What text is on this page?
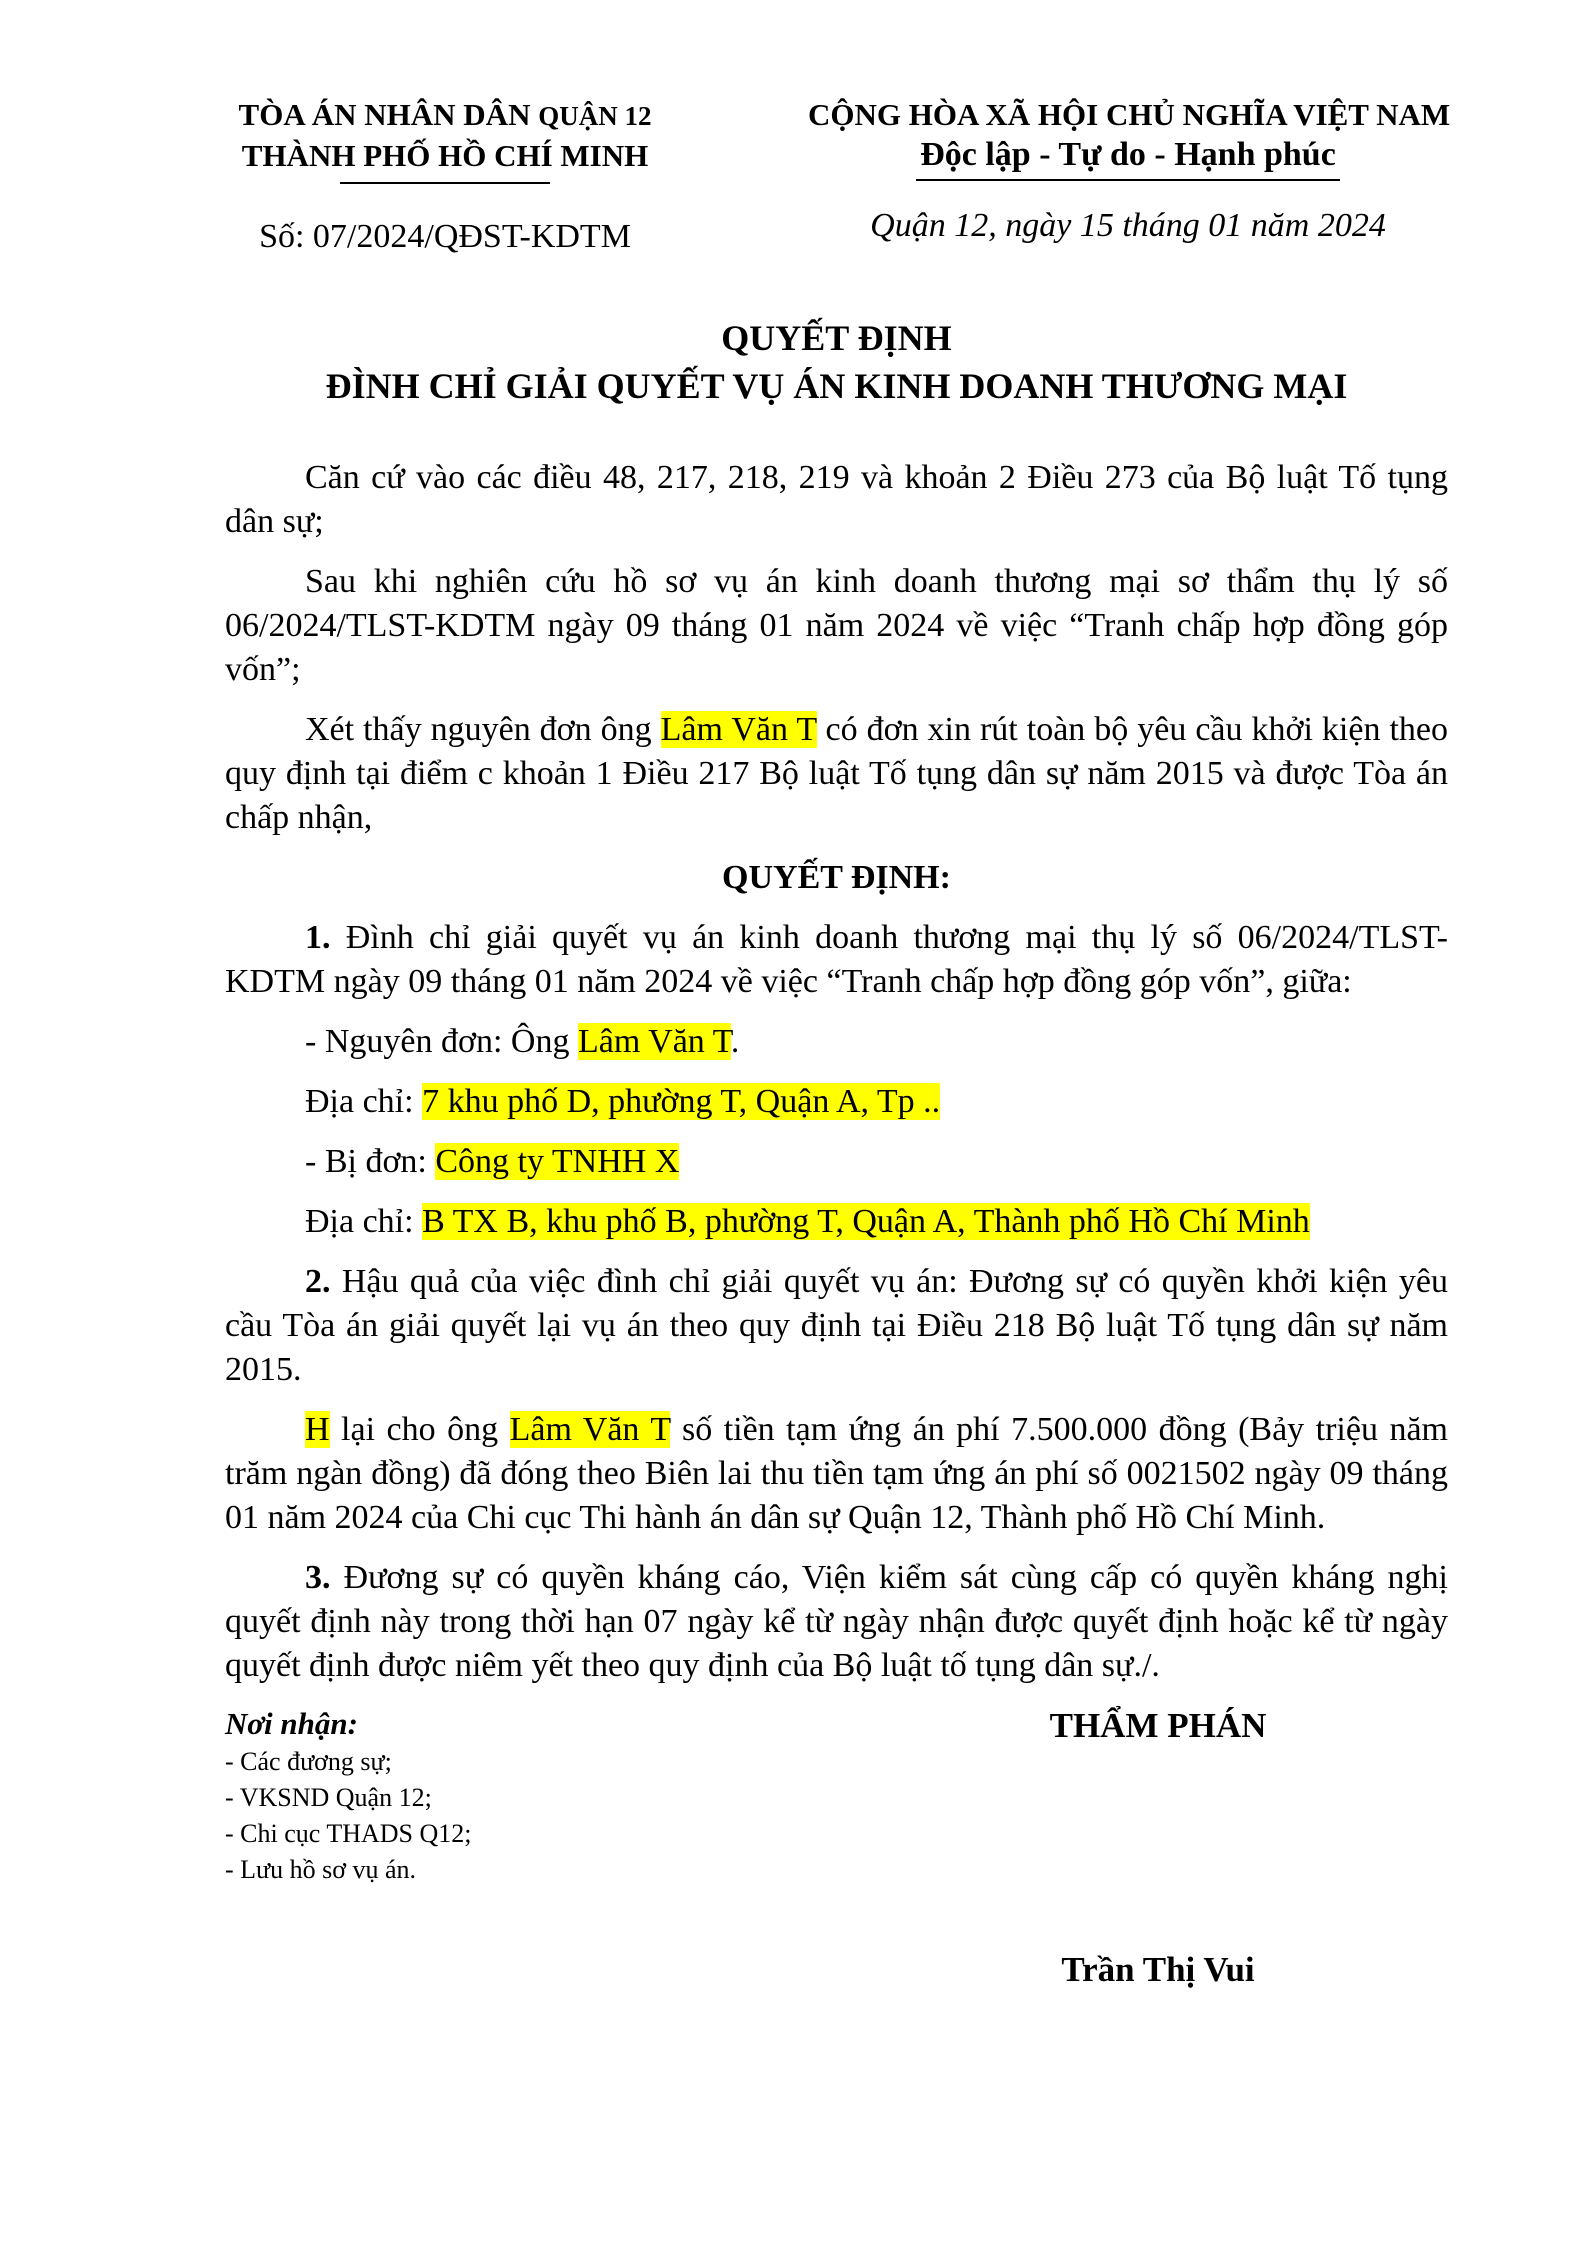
TÒA ÁN NHÂN DÂN QUẬN 12
THÀNH PHỐ HỒ CHÍ MINH
Số: 07/2024/QĐST-KDTM
CỘNG HÒA XÃ HỘI CHỦ NGHĨA VIỆT NAM
Độc lập - Tự do - Hạnh phúc
Quận 12, ngày 15 tháng 01 năm 2024
QUYẾT ĐỊNH
ĐÌNH CHỈ GIẢI QUYẾT VỤ ÁN KINH DOANH THƯƠNG MẠI

Căn cứ vào các điều 48, 217, 218, 219 và khoản 2 Điều 273 của Bộ luật Tố tụng dân sự;

Sau khi nghiên cứu hồ sơ vụ án kinh doanh thương mại sơ thẩm thụ lý số 06/2024/TLST-KDTM ngày 09 tháng 01 năm 2024 về việc “Tranh chấp hợp đồng góp vốn”;

Xét thấy nguyên đơn ông Lâm Văn T có đơn xin rút toàn bộ yêu cầu khởi kiện theo quy định tại điểm c khoản 1 Điều 217 Bộ luật Tố tụng dân sự năm 2015 và được Tòa án chấp nhận,

QUYẾT ĐỊNH:

1. Đình chỉ giải quyết vụ án kinh doanh thương mại thụ lý số 06/2024/TLST-KDTM ngày 09 tháng 01 năm 2024 về việc “Tranh chấp hợp đồng góp vốn”, giữa:

- Nguyên đơn: Ông Lâm Văn T.

Địa chỉ: 7 khu phố D, phường T, Quận A, Tp ..

- Bị đơn: Công ty TNHH X

Địa chỉ: B TX B, khu phố B, phường T, Quận A, Thành phố Hồ Chí Minh

2. Hậu quả của việc đình chỉ giải quyết vụ án: Đương sự có quyền khởi kiện yêu cầu Tòa án giải quyết lại vụ án theo quy định tại Điều 218 Bộ luật Tố tụng dân sự năm 2015.

H lại cho ông Lâm Văn T số tiền tạm ứng án phí 7.500.000 đồng (Bảy triệu năm trăm ngàn đồng) đã đóng theo Biên lai thu tiền tạm ứng án phí số 0021502 ngày 09 tháng 01 năm 2024 của Chi cục Thi hành án dân sự Quận 12, Thành phố Hồ Chí Minh.

3. Đương sự có quyền kháng cáo, Viện kiểm sát cùng cấp có quyền kháng nghị quyết định này trong thời hạn 07 ngày kể từ ngày nhận được quyết định hoặc kể từ ngày quyết định được niêm yết theo quy định của Bộ luật tố tụng dân sự./.

Nơi nhận:
- Các đương sự;
- VKSND Quận 12;
- Chi cục THADS Q12;
- Lưu hồ sơ vụ án.
THẨM PHÁN
Trần Thị Vui
